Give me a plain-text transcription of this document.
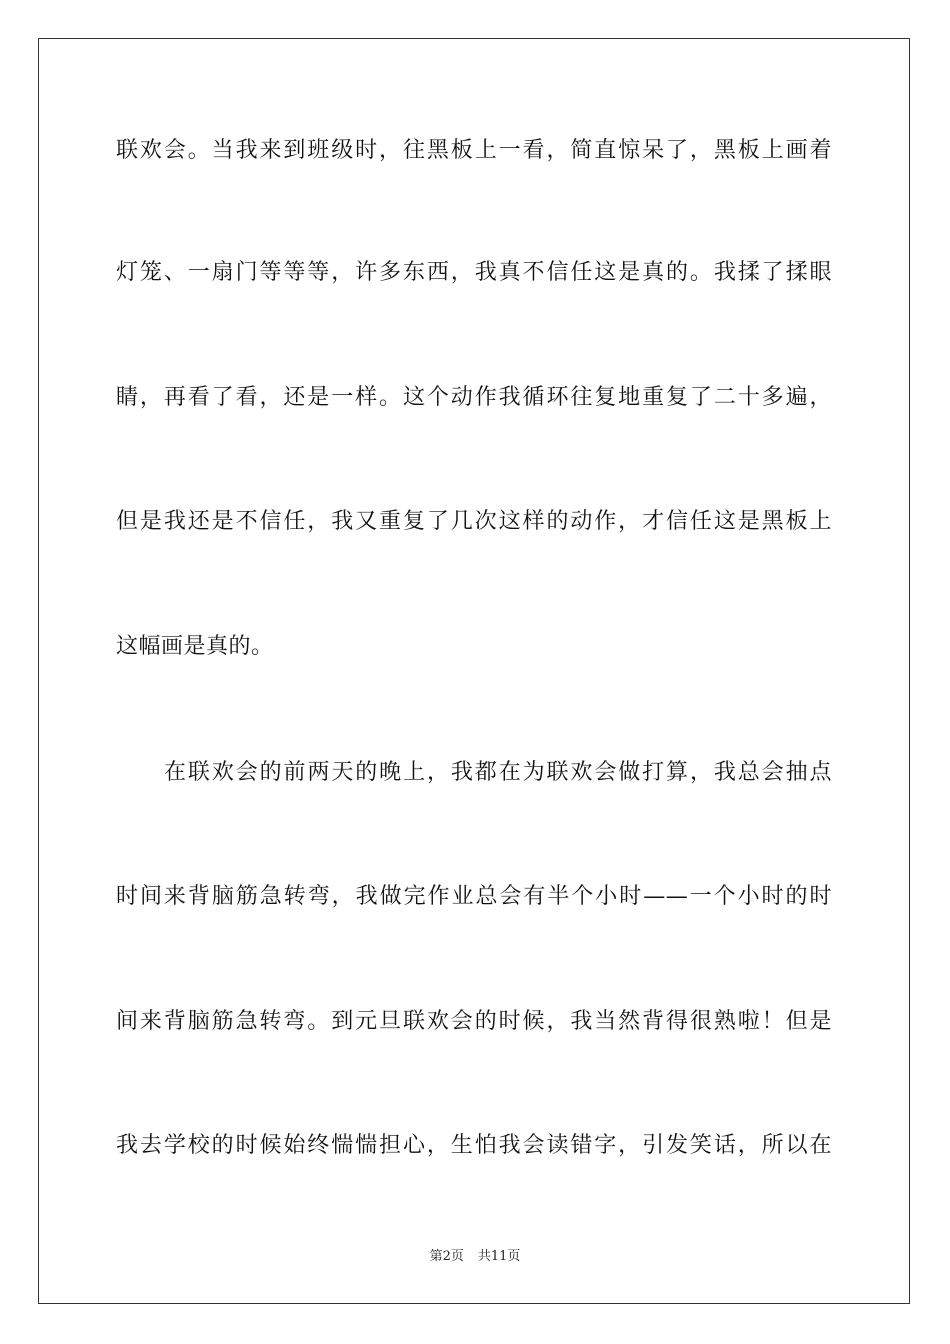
联欢会。当我来到班级时，往黑板上一看，简直惊呆了，黑板上画着
灯笼、一扇门等等等，许多东西，我真不信任这是真的。我揉了揉眼
睛，再看了看，还是一样。这个动作我循环往复地重复了二十多遍，
但是我还是不信任，我又重复了几次这样的动作，才信任这是黑板上
这幅画是真的。
在联欢会的前两天的晚上，我都在为联欢会做打算，我总会抽点
时间来背脑筋急转弯，我做完作业总会有半个小时——一个小时的时
间来背脑筋急转弯。到元旦联欢会的时候，我当然背得很熟啦！但是
我去学校的时候始终惴惴担心，生怕我会读错字，引发笑话，所以在
第2页 共11页
